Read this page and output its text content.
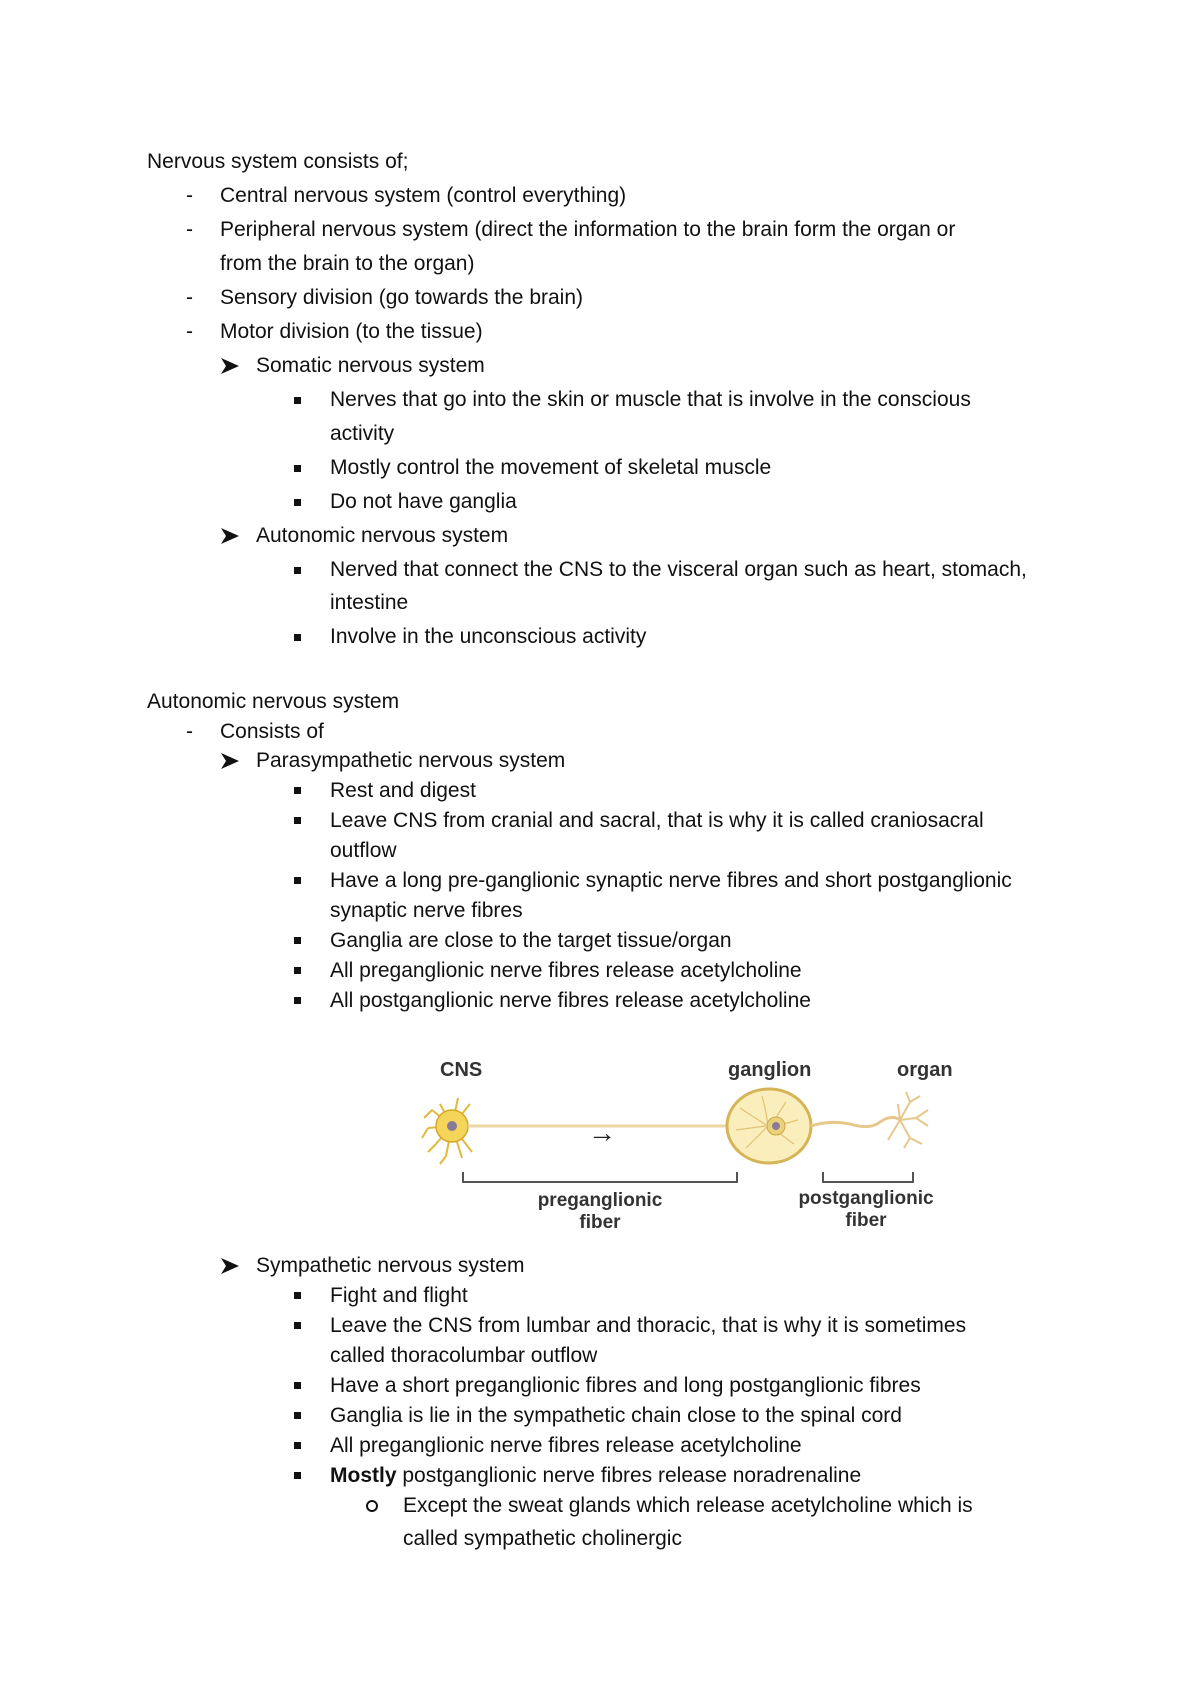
Nervous system consists of;
- Central nervous system (control everything)
- Peripheral nervous system (direct the information to the brain form the organ or
from the brain to the organ)
- Sensory division (go towards the brain)
- Motor division (to the tissue)
Somatic nervous system
Nerves that go into the skin or muscle that is involve in the conscious
activity
Mostly control the movement of skeletal muscle
Do not have ganglia
Autonomic nervous system
Nerved that connect the CNS to the visceral organ such as heart, stomach,
intestine
Involve in the unconscious activity
Autonomic nervous system
- Consists of
Parasympathetic nervous system
Rest and digest
Leave CNS from cranial and sacral, that is why it is called craniosacral
outflow
Have a long pre-ganglionic synaptic nerve fibres and short postganglionic
synaptic nerve fibres
Ganglia are close to the target tissue/organ
All preganglionic nerve fibres release acetylcholine
All postganglionic nerve fibres release acetylcholine
CNS	ganglion	organ
→
preganglionic
fiber
postganglionic
fiber
Sympathetic nervous system
Fight and flight
Leave the CNS from lumbar and thoracic, that is why it is sometimes
called thoracolumbar outflow
Have a short preganglionic fibres and long postganglionic fibres
Ganglia is lie in the sympathetic chain close to the spinal cord
All preganglionic nerve fibres release acetylcholine
Mostly postganglionic nerve fibres release noradrenaline
Except the sweat glands which release acetylcholine which is
called sympathetic cholinergic
